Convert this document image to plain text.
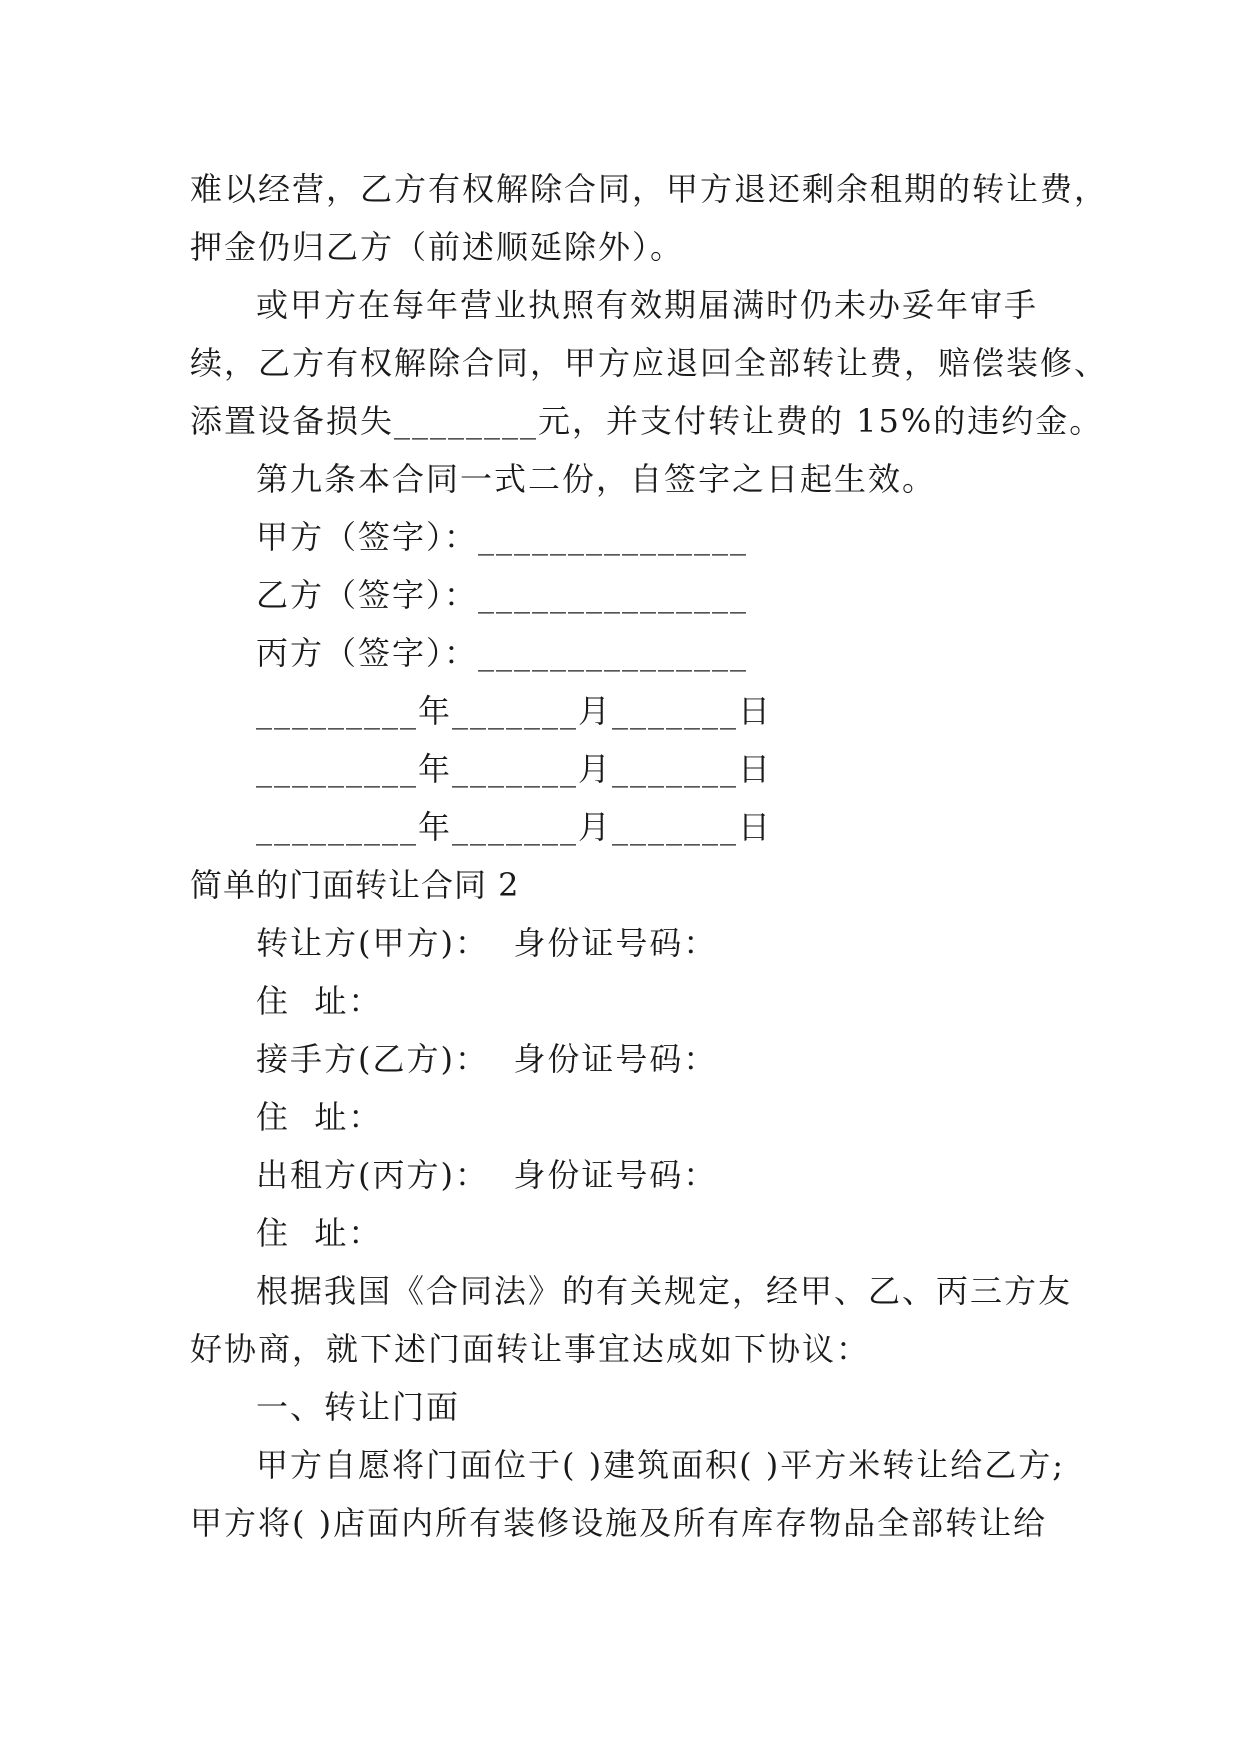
难以经营，乙方有权解除合同，甲方退还剩余租期的转让费，
押金仍归乙方（前述顺延除外）。
或甲方在每年营业执照有效期届满时仍未办妥年审手
续，乙方有权解除合同，甲方应退回全部转让费，赔偿装修、
添置设备损失________元，并支付转让费的 15%的违约金。
第九条本合同一式二份，自签字之日起生效。
甲方（签字）：_______________
乙方（签字）：_______________
丙方（签字）：_______________
_________年_______月_______日
_________年_______月_______日
_________年_______月_______日
简单的门面转让合同 2
转让方(甲方)：  身份证号码：
住  址：
接手方(乙方)：  身份证号码：
住  址：
出租方(丙方)：  身份证号码：
住  址：
根据我国《合同法》的有关规定，经甲、乙、丙三方友
好协商，就下述门面转让事宜达成如下协议：
一、转让门面
甲方自愿将门面位于( )建筑面积( )平方米转让给乙方;
甲方将( )店面内所有装修设施及所有库存物品全部转让给
